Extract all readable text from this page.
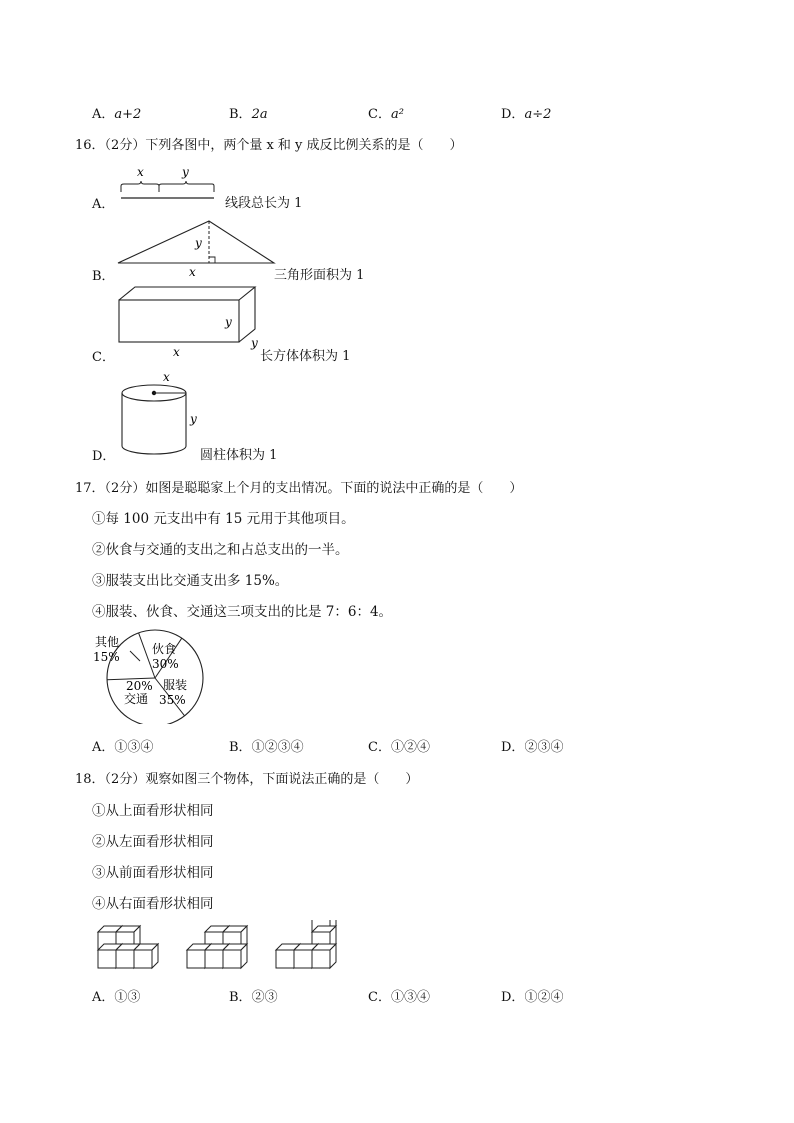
A．a+2	B．2a	C．a²	D．a÷2
16．（2分）下列各图中，两个量 x 和 y 成反比例关系的是（　　）
A．
x	y
线段总长为 1
B．
y
x	三角形面积为 1
C．
y
x
y
长方体体积为 1
D．
x
y
圆柱体积为 1
17．（2分）如图是聪聪家上个月的支出情况。下面的说法中正确的是（　　）
①每 100 元支出中有 15 元用于其他项目。
②伙食与交通的支出之和占总支出的一半。
③服装支出比交通支出多 15%。
④服装、伙食、交通这三项支出的比是 7：6：4。
其他
15%
伙食
30%
服装
35%
20%
交通
A．①③④	B．①②③④	C．①②④	D．②③④
18．（2分）观察如图三个物体，下面说法正确的是（　　）
①从上面看形状相同
②从左面看形状相同
③从前面看形状相同
④从右面看形状相同
A．①③	B．②③	C．①③④	D．①②④
